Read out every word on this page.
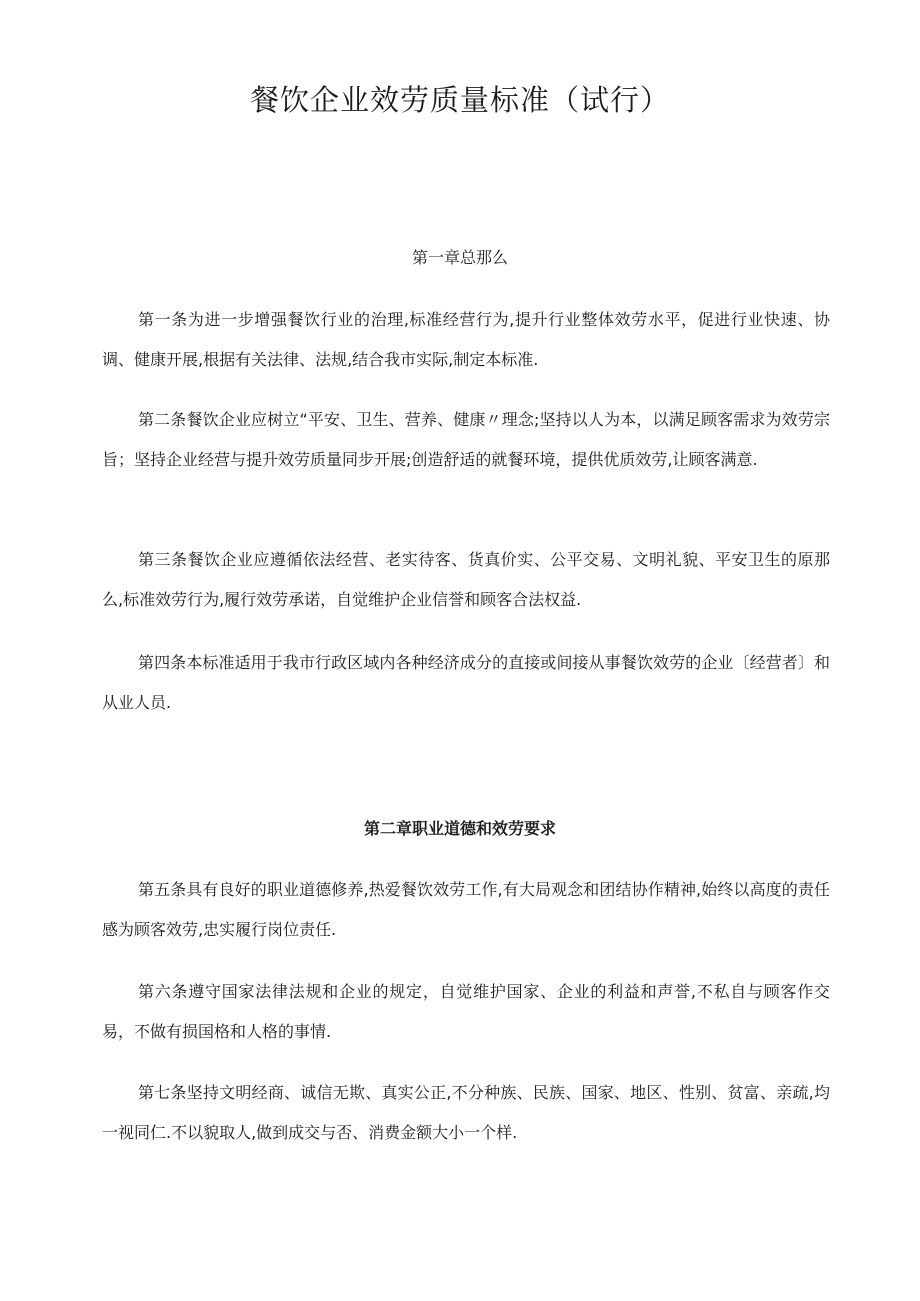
餐饮企业效劳质量标准（试行）
第一章总那么

第一条为进一步增强餐饮行业的治理,标准经营行为,提升行业整体效劳水平，促进行业快速、协调、健康开展,根据有关法律、法规,结合我市实际,制定本标准.

第二条餐饮企业应树立“平安、卫生、营养、健康〃理念;坚持以人为本，以满足顾客需求为效劳宗旨；坚持企业经营与提升效劳质量同步开展;创造舒适的就餐环境，提供优质效劳,让顾客满意.

第三条餐饮企业应遵循依法经营、老实待客、货真价实、公平交易、文明礼貌、平安卫生的原那么,标准效劳行为,履行效劳承诺，自觉维护企业信誉和顾客合法权益.

第四条本标准适用于我市行政区域内各种经济成分的直接或间接从事餐饮效劳的企业〔经营者〕和从业人员.

第二章职业道德和效劳要求

第五条具有良好的职业道德修养,热爱餐饮效劳工作,有大局观念和团结协作精神,始终以高度的责任感为顾客效劳,忠实履行岗位责任.

第六条遵守国家法律法规和企业的规定，自觉维护国家、企业的利益和声誉,不私自与顾客作交易，不做有损国格和人格的事情.

第七条坚持文明经商、诚信无欺、真实公正,不分种族、民族、国家、地区、性别、贫富、亲疏,均一视同仁.不以貌取人,做到成交与否、消费金额大小一个样.
